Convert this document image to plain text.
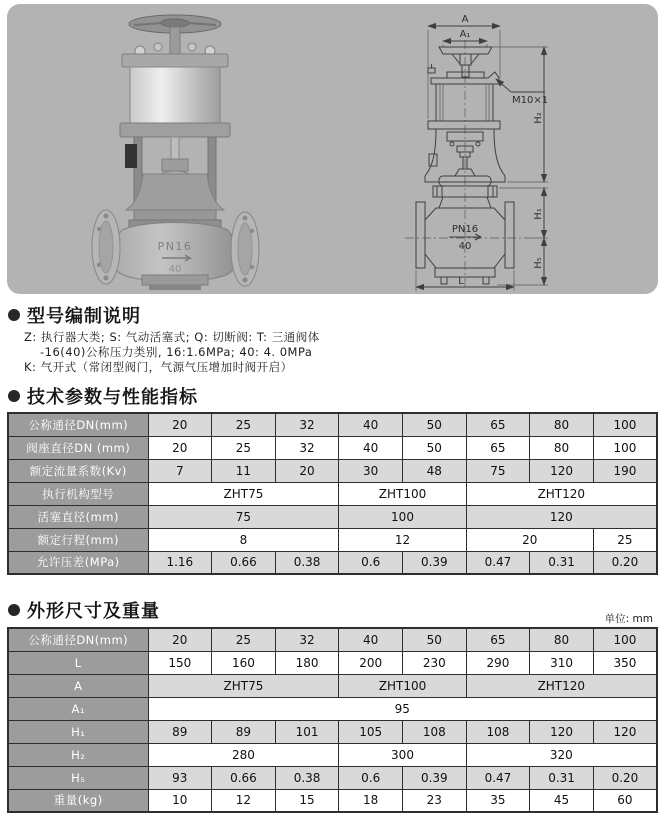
PN16
40
A
A₁
M10×1
PN16
40
H₂
H₁
H₅
L
型号编制说明
Z: 执行器大类; S: 气动活塞式; Q: 切断阀: T: 三通阀体
-16(40)公称压力类别, 16:1.6MPa; 40: 4. 0MPa
K: 气开式（常闭型阀门，气源气压增加时阀开启）
技术参数与性能指标
公称通径DN(mm)	20	25	32	40	50	65	80	100
阀座直径DN (mm)	20	25	32	40	50	65	80	100
额定流量系数(Kv)	7	11	20	30	48	75	120	190
执行机构型号	ZHT75			ZHT100		ZHT120		
活塞直径(mm)	75			100		120		
额定行程(mm)	8			12		20		25
允许压差(MPa)	1.16	0.66	0.38	0.6	0.39	0.47	0.31	0.20
外形尺寸及重量	单位: mm
公称通径DN(mm)	20	25	32	40	50	65	80	100
L	150	160	180	200	230	290	310	350
A	ZHT75			ZHT100		ZHT120		
A₁	95							
H₁	89	89	101	105	108	108	120	120
H₂	280			300		320		
H₅	93	0.66	0.38	0.6	0.39	0.47	0.31	0.20
重量(kg)	10	12	15	18	23	35	45	60
